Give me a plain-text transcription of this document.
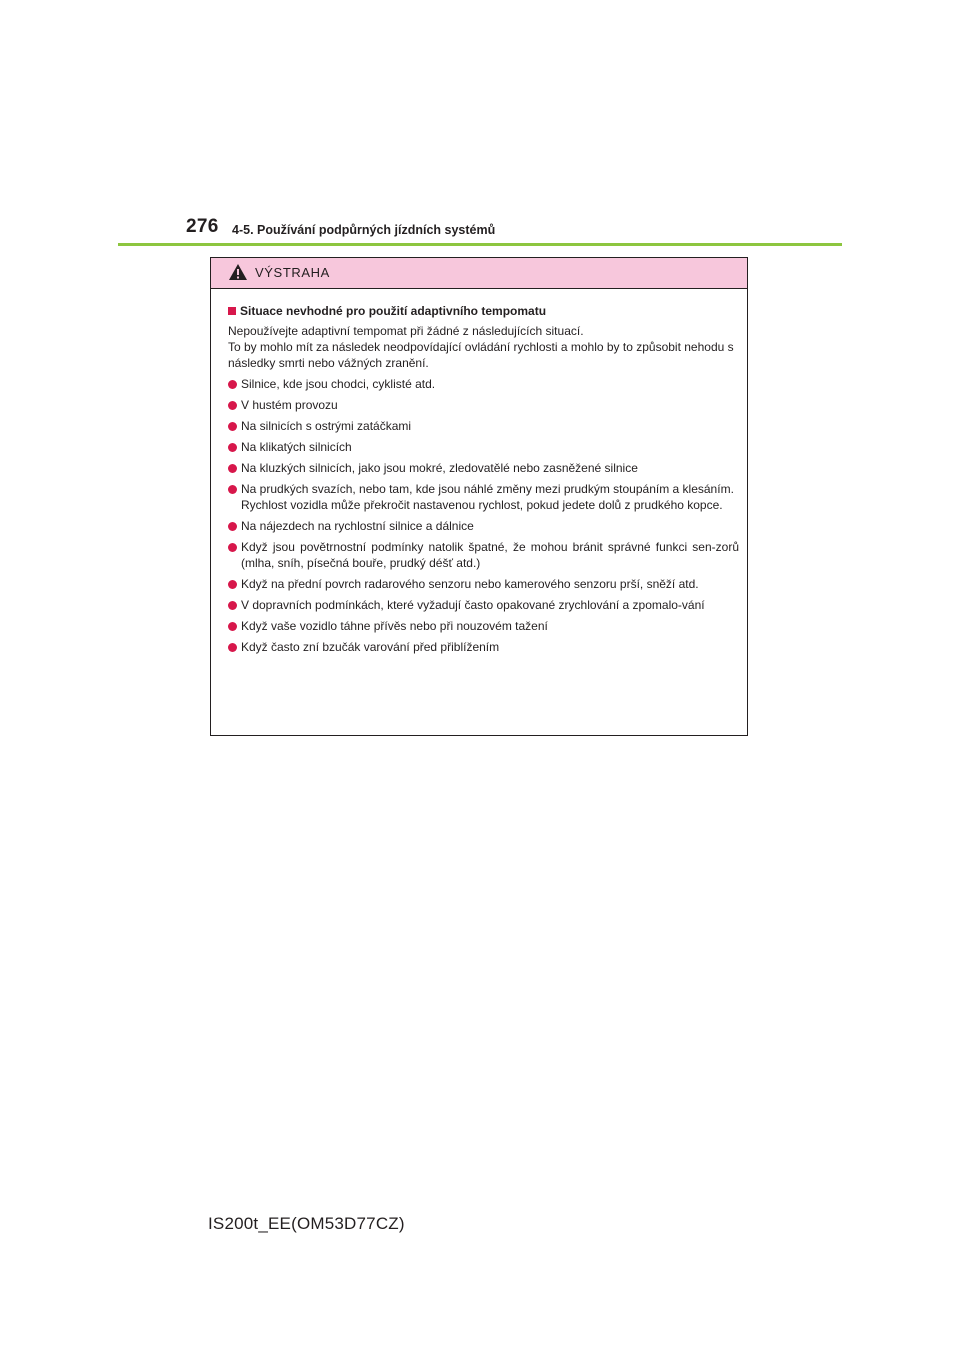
276 4-5. Používání podpůrných jízdních systémů
VÝSTRAHA
Situace nevhodné pro použití adaptivního tempomatu
Nepoužívejte adaptivní tempomat při žádné z následujících situací.
To by mohlo mít za následek neodpovídající ovládání rychlosti a mohlo by to způsobit nehodu s následky smrti nebo vážných zranění.
Silnice, kde jsou chodci, cyklisté atd.
V hustém provozu
Na silnicích s ostrými zatáčkami
Na klikatých silnicích
Na kluzkých silnicích, jako jsou mokré, zledovatělé nebo zasněžené silnice
Na prudkých svazích, nebo tam, kde jsou náhlé změny mezi prudkým stoupáním a klesáním.
Rychlost vozidla může překročit nastavenou rychlost, pokud jedete dolů z prudkého kopce.
Na nájezdech na rychlostní silnice a dálnice
Když jsou povětrnostní podmínky natolik špatné, že mohou bránit správné funkci sen-zorů (mlha, sníh, písečná bouře, prudký déšť atd.)
Když na přední povrch radarového senzoru nebo kamerového senzoru prší, sněží atd.
V dopravních podmínkách, které vyžadují často opakované zrychlování a zpomalo-vání
Když vaše vozidlo táhne přívěs nebo při nouzovém tažení
Když často zní bzučák varování před přiblížením
IS200t_EE(OM53D77CZ)
